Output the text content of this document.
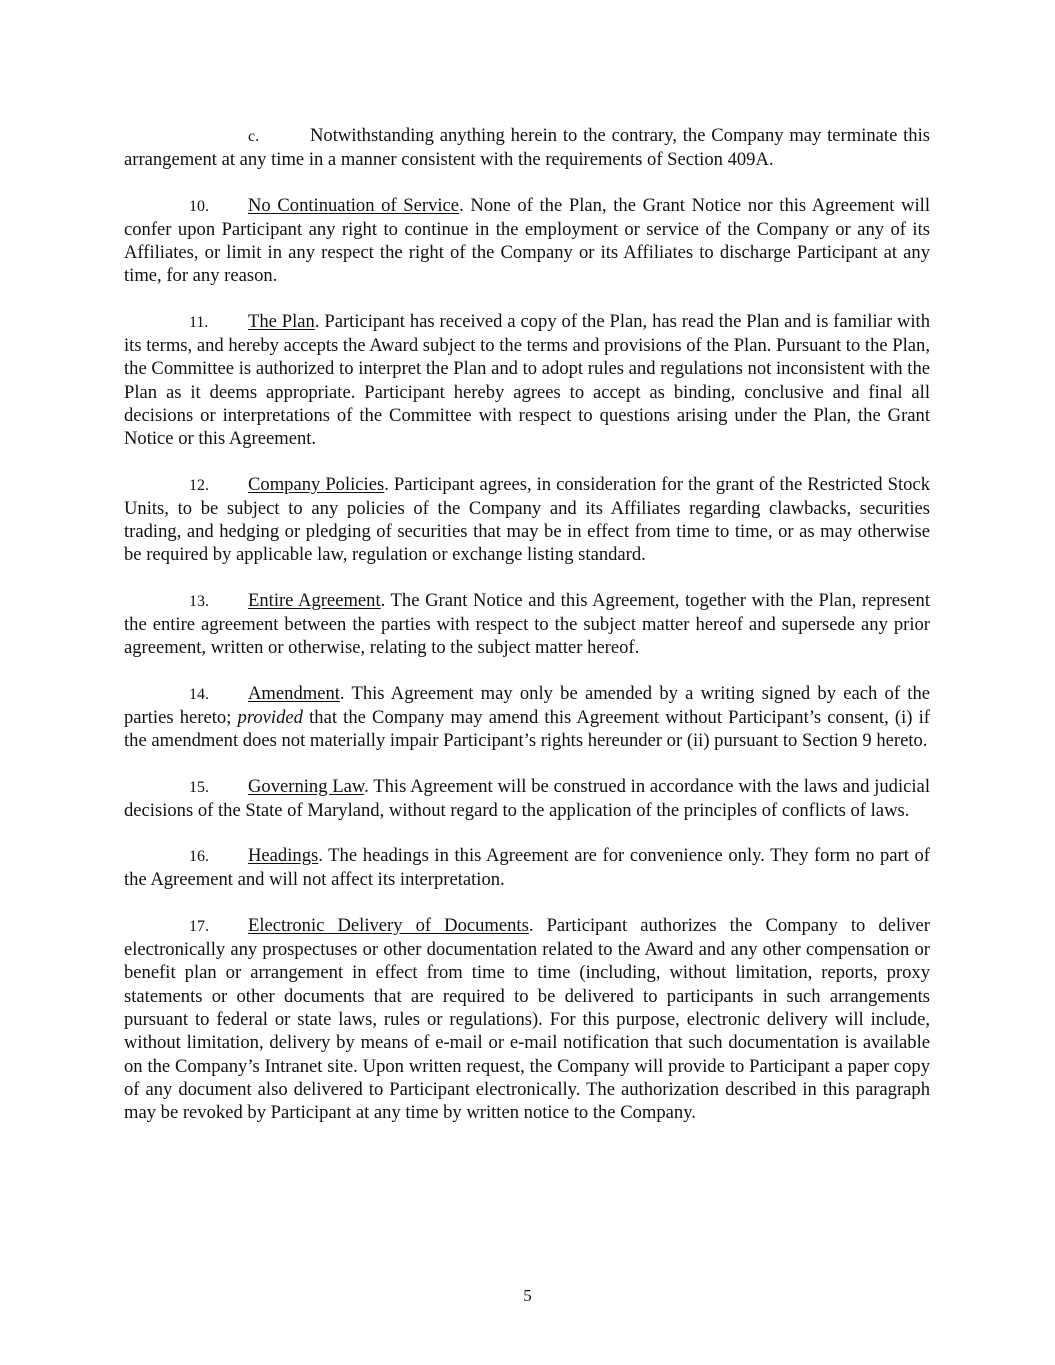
c.	Notwithstanding anything herein to the contrary, the Company may terminate this arrangement at any time in a manner consistent with the requirements of Section 409A.

10. No Continuation of Service. None of the Plan, the Grant Notice nor this Agreement will confer upon Participant any right to continue in the employment or service of the Company or any of its Affiliates, or limit in any respect the right of the Company or its Affiliates to discharge Participant at any time, for any reason.

11. The Plan. Participant has received a copy of the Plan, has read the Plan and is familiar with its terms, and hereby accepts the Award subject to the terms and provisions of the Plan. Pursuant to the Plan, the Committee is authorized to interpret the Plan and to adopt rules and regulations not inconsistent with the Plan as it deems appropriate. Participant hereby agrees to accept as binding, conclusive and final all decisions or interpretations of the Committee with respect to questions arising under the Plan, the Grant Notice or this Agreement.

12. Company Policies. Participant agrees, in consideration for the grant of the Restricted Stock Units, to be subject to any policies of the Company and its Affiliates regarding clawbacks, securities trading, and hedging or pledging of securities that may be in effect from time to time, or as may otherwise be required by applicable law, regulation or exchange listing standard.

13. Entire Agreement. The Grant Notice and this Agreement, together with the Plan, represent the entire agreement between the parties with respect to the subject matter hereof and supersede any prior agreement, written or otherwise, relating to the subject matter hereof.

14. Amendment. This Agreement may only be amended by a writing signed by each of the parties hereto; provided that the Company may amend this Agreement without Participant’s consent, (i) if the amendment does not materially impair Participant’s rights hereunder or (ii) pursuant to Section 9 hereto.

15. Governing Law. This Agreement will be construed in accordance with the laws and judicial decisions of the State of Maryland, without regard to the application of the principles of conflicts of laws.

16. Headings. The headings in this Agreement are for convenience only. They form no part of the Agreement and will not affect its interpretation.

17. Electronic Delivery of Documents. Participant authorizes the Company to deliver electronically any prospectuses or other documentation related to the Award and any other compensation or benefit plan or arrangement in effect from time to time (including, without limitation, reports, proxy statements or other documents that are required to be delivered to participants in such arrangements pursuant to federal or state laws, rules or regulations). For this purpose, electronic delivery will include, without limitation, delivery by means of e-mail or e-mail notification that such documentation is available on the Company’s Intranet site. Upon written request, the Company will provide to Participant a paper copy of any document also delivered to Participant electronically. The authorization described in this paragraph may be revoked by Participant at any time by written notice to the Company.

5
